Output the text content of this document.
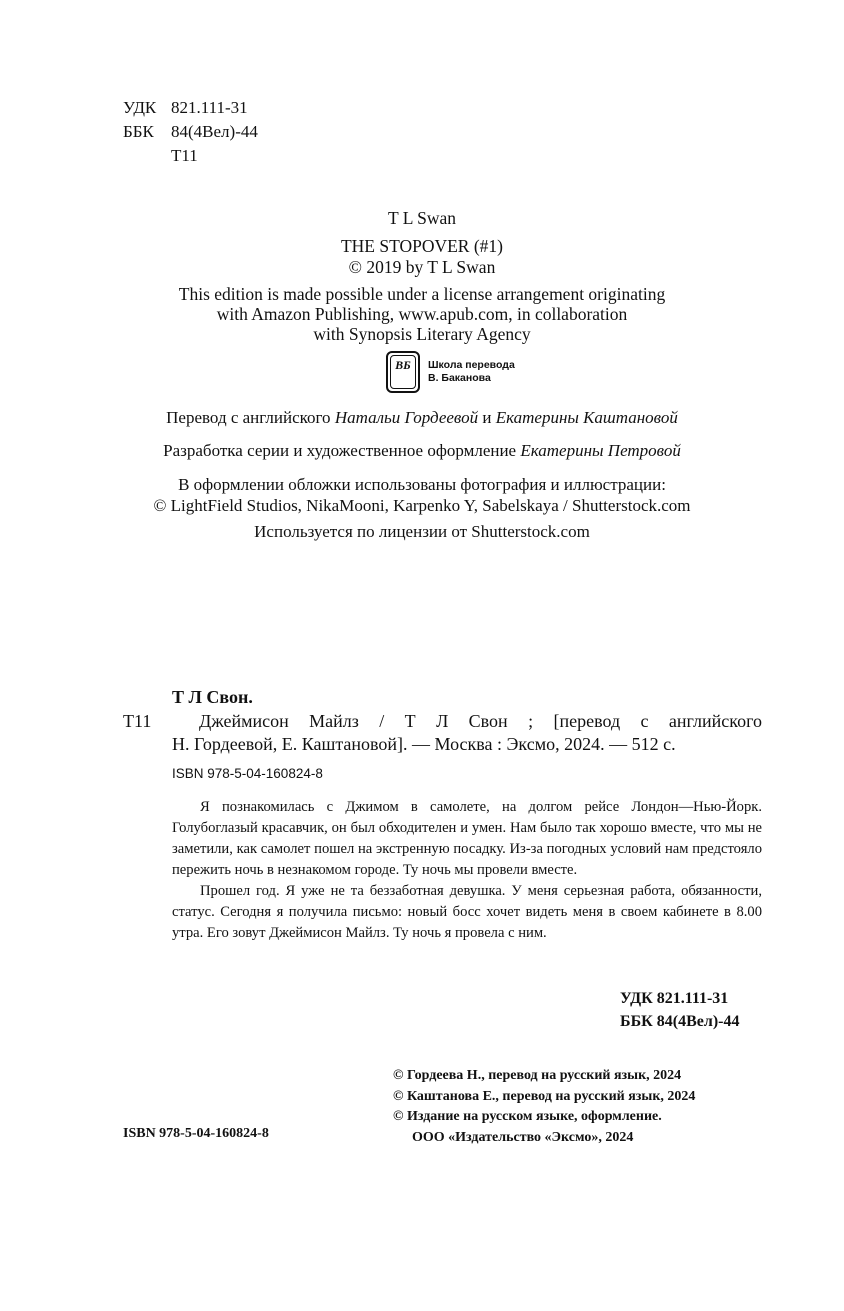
УДК 821.111-31
ББК	84(4Вел)-44
Т11
T L Swan
THE STOPOVER (#1)
© 2019 by T L Swan
This edition is made possible under a license arrangement originating
with Amazon Publishing, www.apub.com, in collaboration
with Synopsis Literary Agency
ВБ	Школа перевода
В. Баканова
Перевод с английского Натальи Гордеевой и Екатерины Каштановой
Разработка серии и художественное оформление Екатерины Петровой
В оформлении обложки использованы фотография и иллюстрации:
© LightField Studios, NikaMooni, Karpenko Y, Sabelskaya / Shutterstock.com
Используется по лицензии от Shutterstock.com
Т Л Свон.
Т11	Джеймисон Майлз / Т Л Свон ; [перевод с английского
Н. Гордеевой, Е. Каштановой]. — Москва : Эксмо, 2024. — 512 с.
ISBN 978-5-04-160824-8

Я познакомилась с Джимом в самолете, на долгом рейсе Лондон—Нью-Йорк. Голубоглазый красавчик, он был обходителен и умен. Нам было так хорошо вместе, что мы не заметили, как самолет пошел на экстренную посадку. Из-за погодных условий нам предстояло пережить ночь в незнакомом городе. Ту ночь мы провели вместе.

Прошел год. Я уже не та беззаботная девушка. У меня серьезная работа, обязанности, статус. Сегодня я получила письмо: новый босс хочет видеть меня в своем кабинете в 8.00 утра. Его зовут Джеймисон Майлз. Ту ночь я провела с ним.

УДК 821.111-31
ББК 84(4Вел)-44
© Гордеева Н., перевод на русский язык, 2024
© Каштанова Е., перевод на русский язык, 2024
© Издание на русском языке, оформление.
ООО «Издательство «Эксмо», 2024
ISBN 978-5-04-160824-8
